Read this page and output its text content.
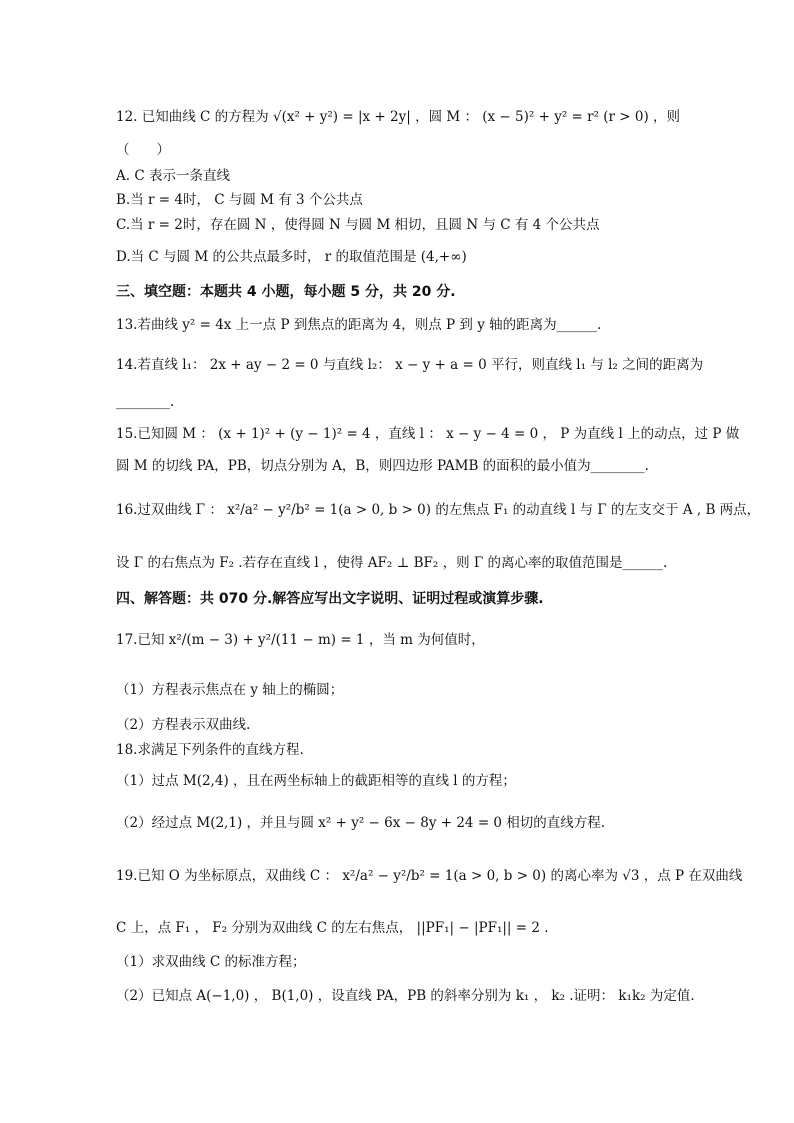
12. 已知曲线 C 的方程为 √(x² + y²) = |x + 2y| ，圆 M ： (x − 5)² + y² = r² (r > 0) ，则
（　　）
A. C 表示一条直线
B.当 r = 4时， C 与圆 M 有 3 个公共点
C.当 r = 2时，存在圆 N ，使得圆 N 与圆 M 相切，且圆 N 与 C 有 4 个公共点
D.当 C 与圆 M 的公共点最多时， r 的取值范围是 (4,+∞)
三、填空题：本题共 4 小题，每小题 5 分，共 20 分.
13.若曲线 y² = 4x 上一点 P 到焦点的距离为 4，则点 P 到 y 轴的距离为______.
14.若直线 l₁： 2x + ay − 2 = 0 与直线 l₂： x − y + a = 0 平行，则直线 l₁ 与 l₂ 之间的距离为
________.
15.已知圆 M ： (x + 1)² + (y − 1)² = 4 ，直线 l ： x − y − 4 = 0 ， P 为直线 l 上的动点，过 P 做
圆 M 的切线 PA，PB，切点分别为 A，B，则四边形 PAMB 的面积的最小值为________.
16.过双曲线 Γ ： x²/a² − y²/b² = 1(a > 0, b > 0) 的左焦点 F₁ 的动直线 l 与 Γ 的左支交于 A , B 两点，
设 Γ 的右焦点为 F₂ .若存在直线 l ，使得 AF₂ ⊥ BF₂ ，则 Γ 的离心率的取值范围是______.
四、解答题：共 070 分.解答应写出文字说明、证明过程或演算步骤.
17.已知 x²/(m − 3) + y²/(11 − m) = 1 ，当 m 为何值时，
（1）方程表示焦点在 y 轴上的椭圆；
（2）方程表示双曲线.
18.求满足下列条件的直线方程.
（1）过点 M(2,4) ，且在两坐标轴上的截距相等的直线 l 的方程；
（2）经过点 M(2,1) ，并且与圆 x² + y² − 6x − 8y + 24 = 0 相切的直线方程.
19.已知 O 为坐标原点，双曲线 C ： x²/a² − y²/b² = 1(a > 0, b > 0) 的离心率为 √3 ，点 P 在双曲线
C 上，点 F₁ ， F₂ 分别为双曲线 C 的左右焦点， ||PF₁| − |PF₁|| = 2 .
（1）求双曲线 C 的标准方程；
（2）已知点 A(−1,0) ， B(1,0) ，设直线 PA，PB 的斜率分别为 k₁ ， k₂ .证明： k₁k₂ 为定值.
